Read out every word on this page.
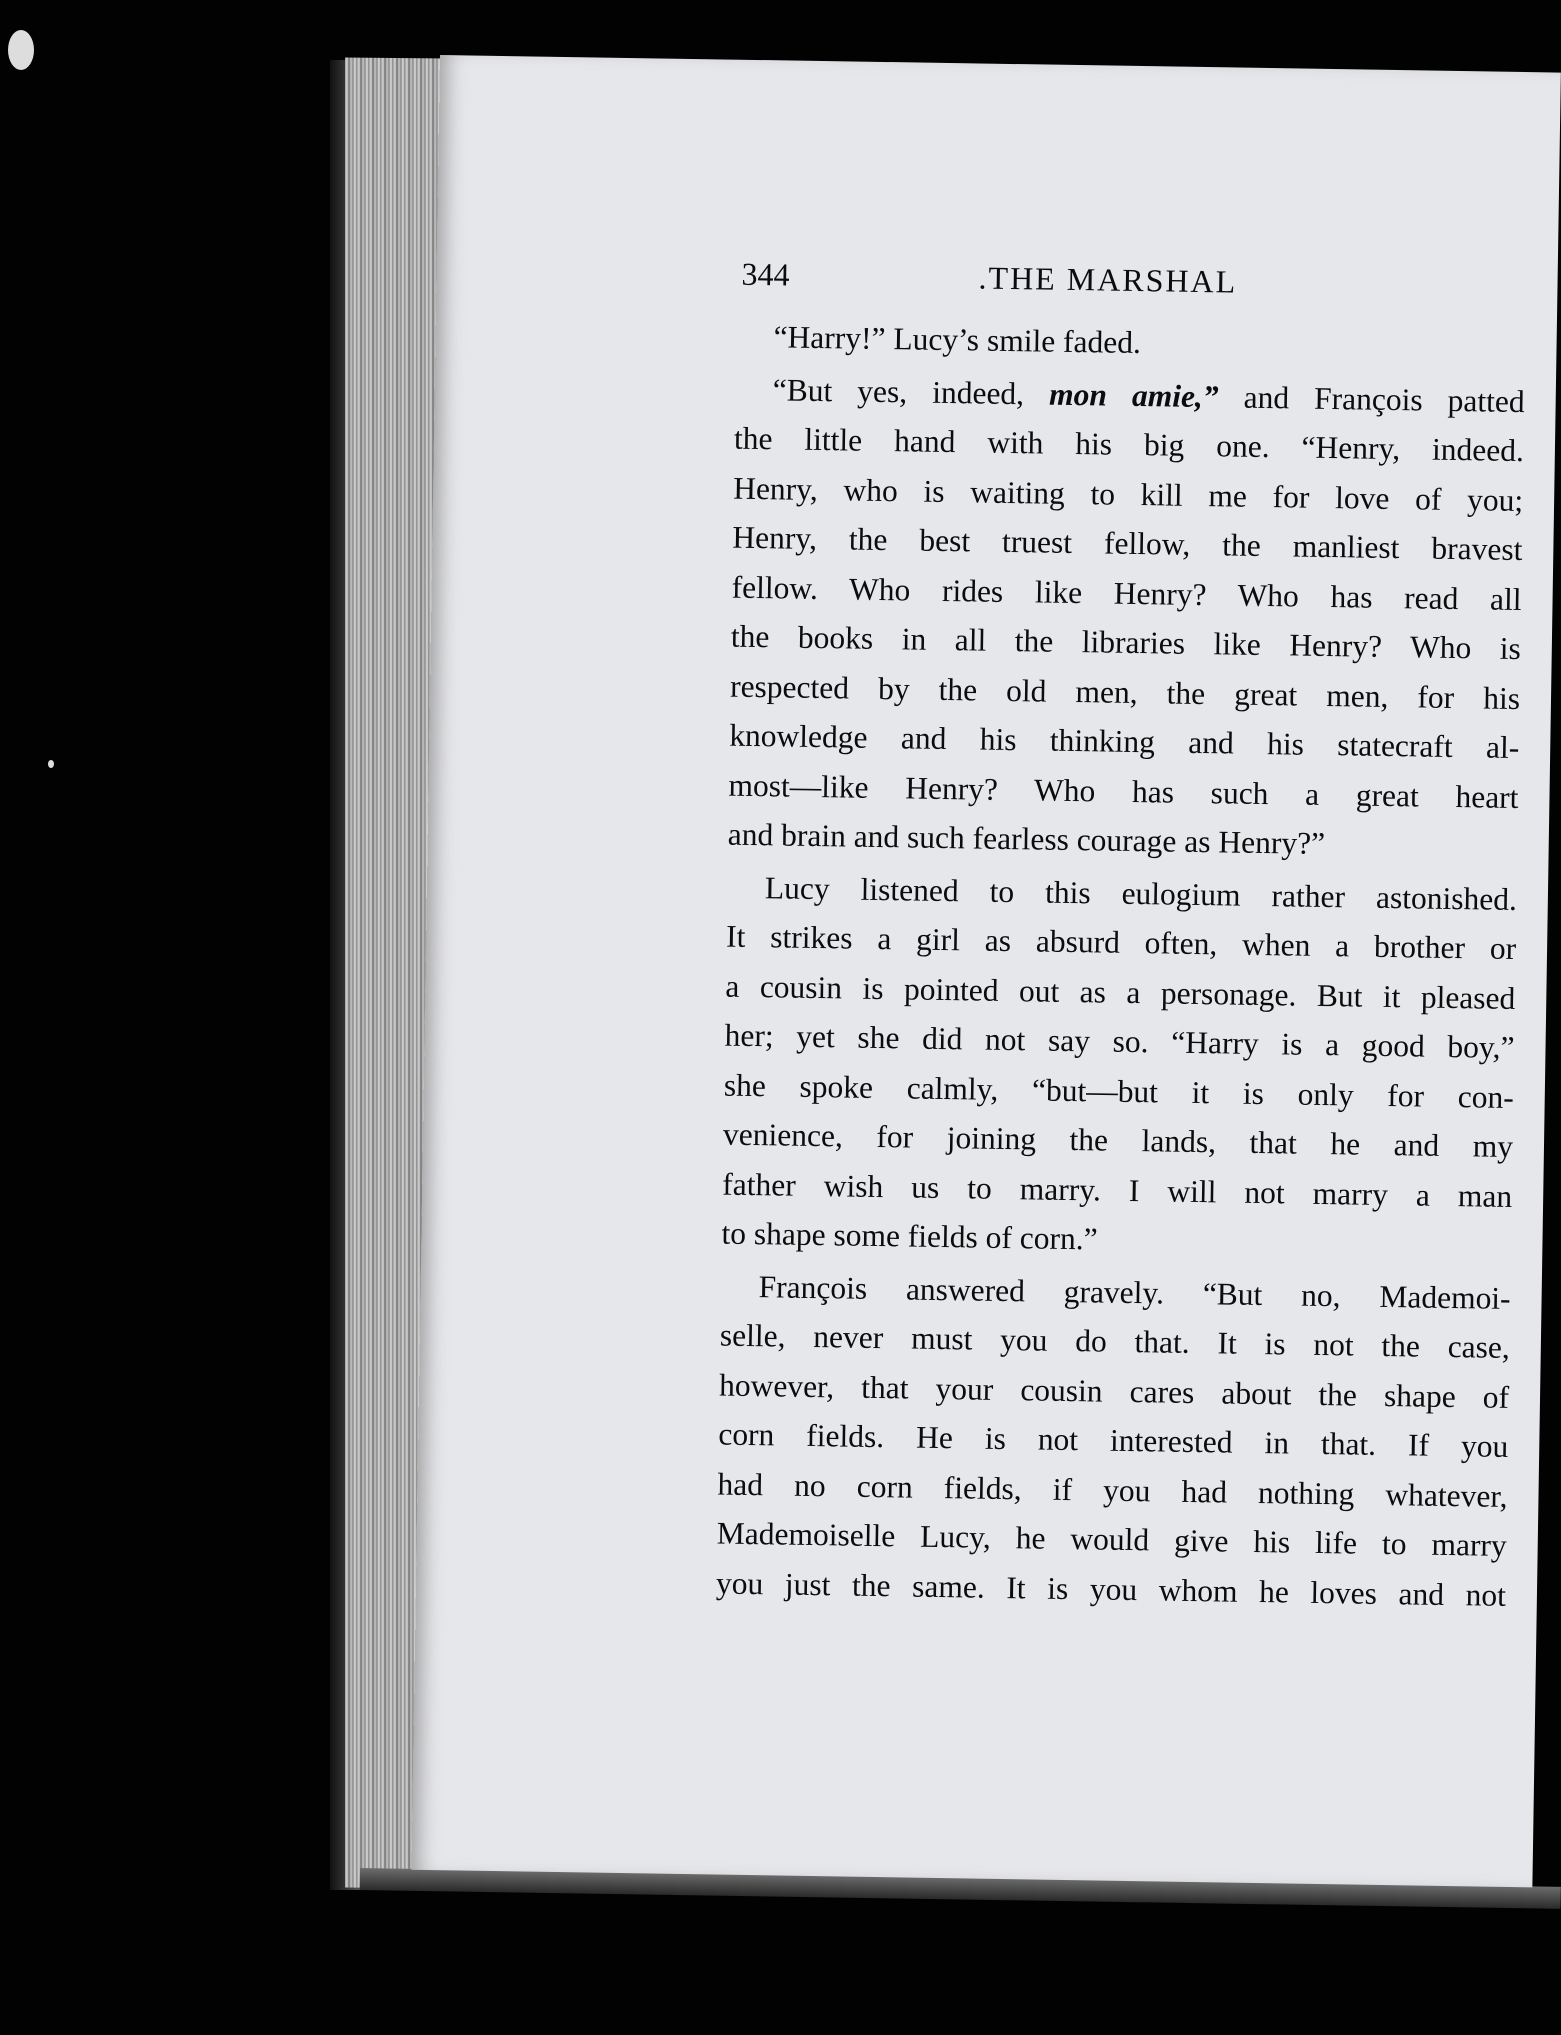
344	.THE MARSHAL
“Harry!” Lucy’s smile faded.
“But yes, indeed, mon amie,” and François patted
the little hand with his big one. “Henry, indeed.
Henry, who is waiting to kill me for love of you;
Henry, the best truest fellow, the manliest bravest
fellow. Who rides like Henry? Who has read all
the books in all the libraries like Henry? Who is
respected by the old men, the great men, for his
knowledge and his thinking and his statecraft al-
most—like Henry? Who has such a great heart
and brain and such fearless courage as Henry?”
Lucy listened to this eulogium rather astonished.
It strikes a girl as absurd often, when a brother or
a cousin is pointed out as a personage. But it pleased
her; yet she did not say so. “Harry is a good boy,”
she spoke calmly, “but—but it is only for con-
venience, for joining the lands, that he and my
father wish us to marry. I will not marry a man
to shape some fields of corn.”
François answered gravely. “But no, Mademoi-
selle, never must you do that. It is not the case,
however, that your cousin cares about the shape of
corn fields. He is not interested in that. If you
had no corn fields, if you had nothing whatever,
Mademoiselle Lucy, he would give his life to marry
you just the same. It is you whom he loves and not
